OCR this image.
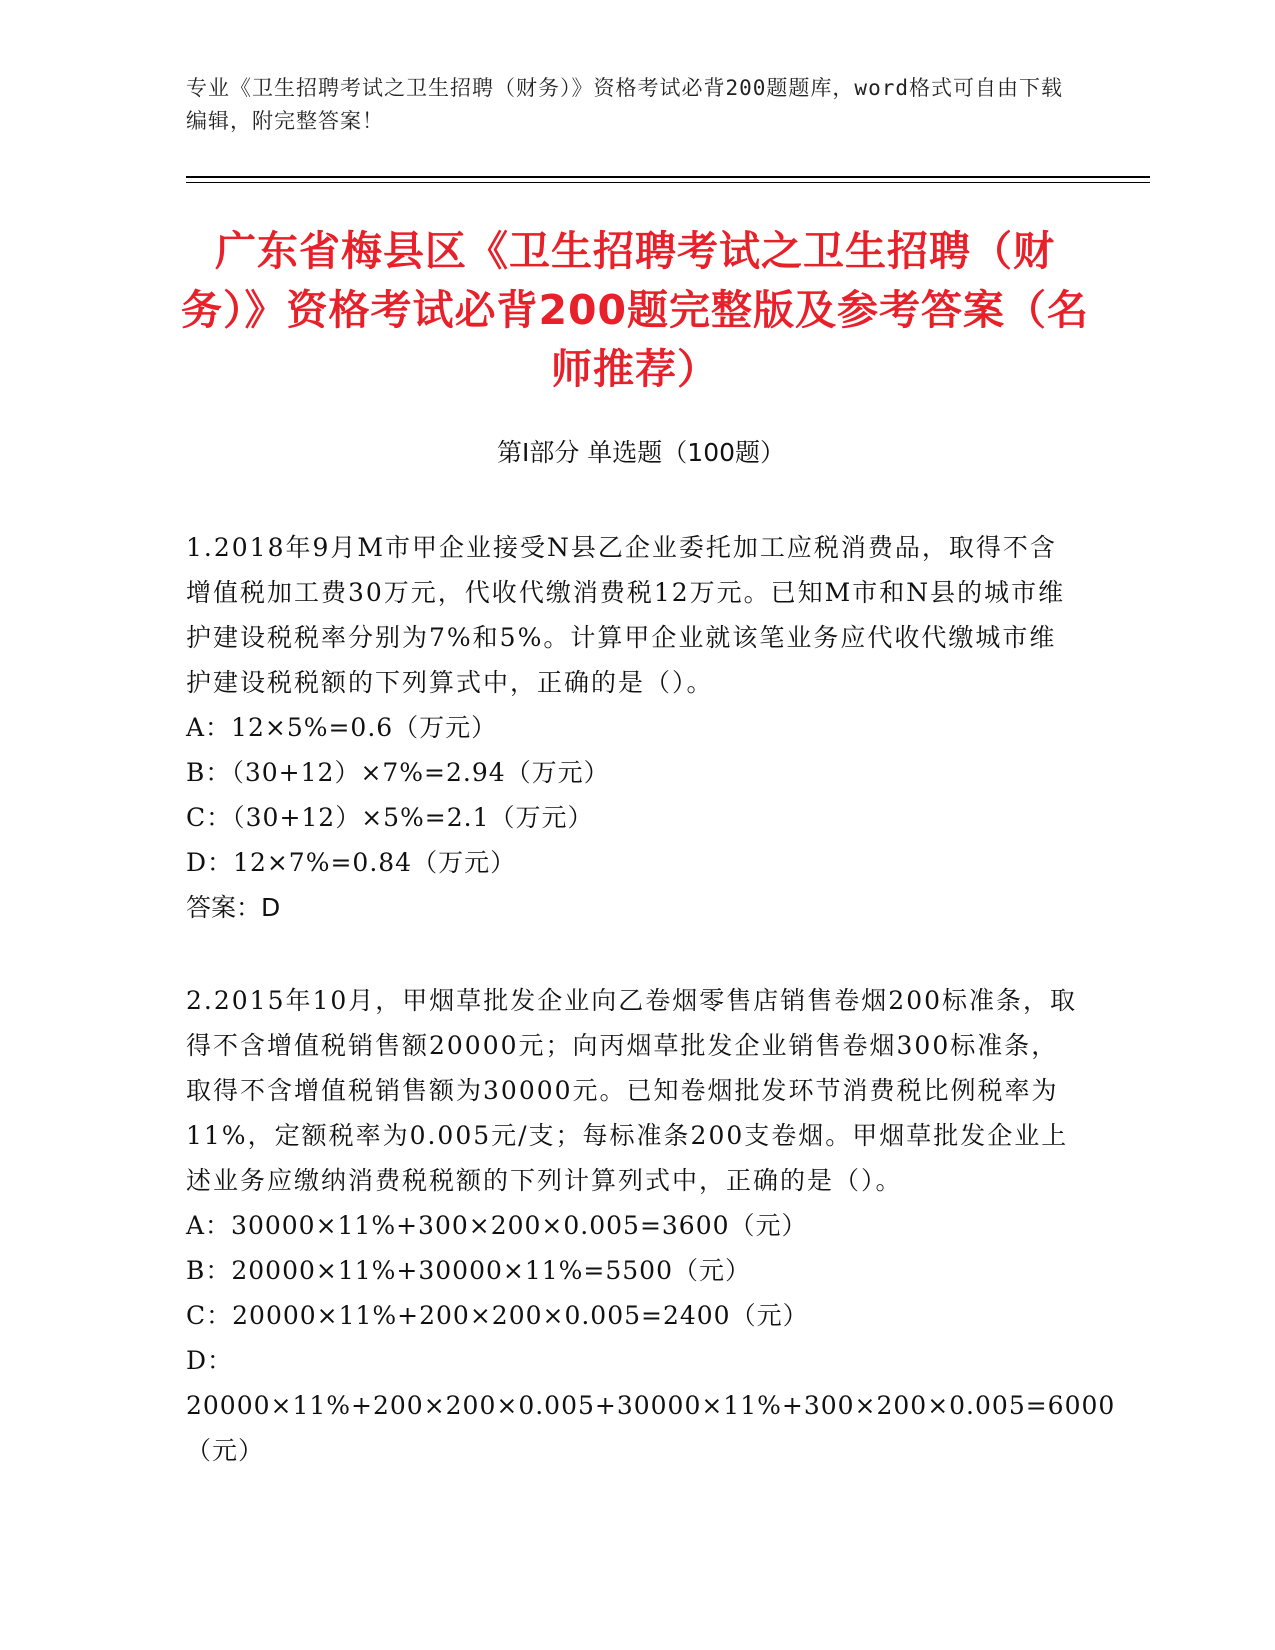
专业《卫生招聘考试之卫生招聘（财务）》资格考试必背200题题库，word格式可自由下载编辑，附完整答案！
广东省梅县区《卫生招聘考试之卫生招聘（财务）》资格考试必背200题完整版及参考答案（名师推荐）
第I部分 单选题（100题）
1.2018年9月M市甲企业接受N县乙企业委托加工应税消费品，取得不含增值税加工费30万元，代收代缴消费税12万元。已知M市和N县的城市维护建设税税率分别为7%和5%。计算甲企业就该笔业务应代收代缴城市维护建设税税额的下列算式中，正确的是（）。
A：12×5%=0.6（万元）
B：（30+12）×7%=2.94（万元）
C：（30+12）×5%=2.1（万元）
D：12×7%=0.84（万元）
答案：D
2.2015年10月，甲烟草批发企业向乙卷烟零售店销售卷烟200标准条，取得不含增值税销售额20000元；向丙烟草批发企业销售卷烟300标准条，取得不含增值税销售额为30000元。已知卷烟批发环节消费税比例税率为11%，定额税率为0.005元/支；每标准条200支卷烟。甲烟草批发企业上述业务应缴纳消费税税额的下列计算列式中，正确的是（）。
A：30000×11%+300×200×0.005=3600（元）
B：20000×11%+30000×11%=5500（元）
C：20000×11%+200×200×0.005=2400（元）
D：20000×11%+200×200×0.005+30000×11%+300×200×0.005=6000（元）
